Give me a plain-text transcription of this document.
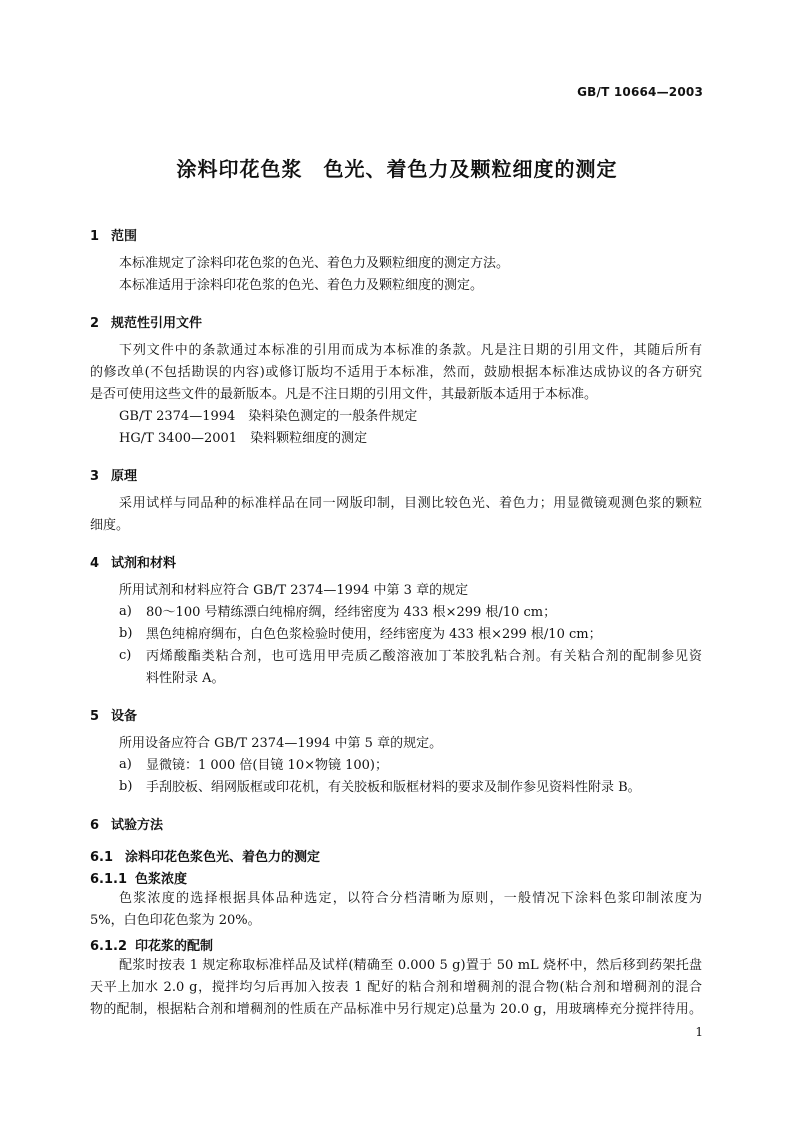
GB/T 10664—2003
涂料印花色浆　色光、着色力及颗粒细度的测定
1 范围
本标准规定了涂料印花色浆的色光、着色力及颗粒细度的测定方法。
本标准适用于涂料印花色浆的色光、着色力及颗粒细度的测定。
2 规范性引用文件
下列文件中的条款通过本标准的引用而成为本标准的条款。凡是注日期的引用文件，其随后所有
的修改单(不包括勘误的内容)或修订版均不适用于本标准，然而，鼓励根据本标准达成协议的各方研究
是否可使用这些文件的最新版本。凡是不注日期的引用文件，其最新版本适用于本标准。
GB/T 2374—1994　染料染色测定的一般条件规定
HG/T 3400—2001　染料颗粒细度的测定
3 原理
采用试样与同品种的标准样品在同一网版印制，目测比较色光、着色力；用显微镜观测色浆的颗粒
细度。
4 试剂和材料
所用试剂和材料应符合 GB/T 2374—1994 中第 3 章的规定
a) 80～100 号精练漂白纯棉府绸，经纬密度为 433 根×299 根/10 cm；
b) 黑色纯棉府绸布，白色色浆检验时使用，经纬密度为 433 根×299 根/10 cm；
c) 丙烯酸酯类粘合剂，也可选用甲壳质乙酸溶液加丁苯胶乳粘合剂。有关粘合剂的配制参见资
料性附录 A。
5 设备
所用设备应符合 GB/T 2374—1994 中第 5 章的规定。
a) 显微镜：1 000 倍(目镜 10×物镜 100)；
b) 手刮胶板、绢网版框或印花机，有关胶板和版框材料的要求及制作参见资料性附录 B。
6 试验方法
6.1 涂料印花色浆色光、着色力的测定
6.1.1 色浆浓度
色浆浓度的选择根据具体品种选定，以符合分档清晰为原则，一般情况下涂料色浆印制浓度为
5%，白色印花色浆为 20%。
6.1.2 印花浆的配制
配浆时按表 1 规定称取标准样品及试样(精确至 0.000 5 g)置于 50 mL 烧杯中，然后移到药架托盘
天平上加水 2.0 g，搅拌均匀后再加入按表 1 配好的粘合剂和增稠剂的混合物(粘合剂和增稠剂的混合
物的配制，根据粘合剂和增稠剂的性质在产品标准中另行规定)总量为 20.0 g，用玻璃棒充分搅拌待用。
1
